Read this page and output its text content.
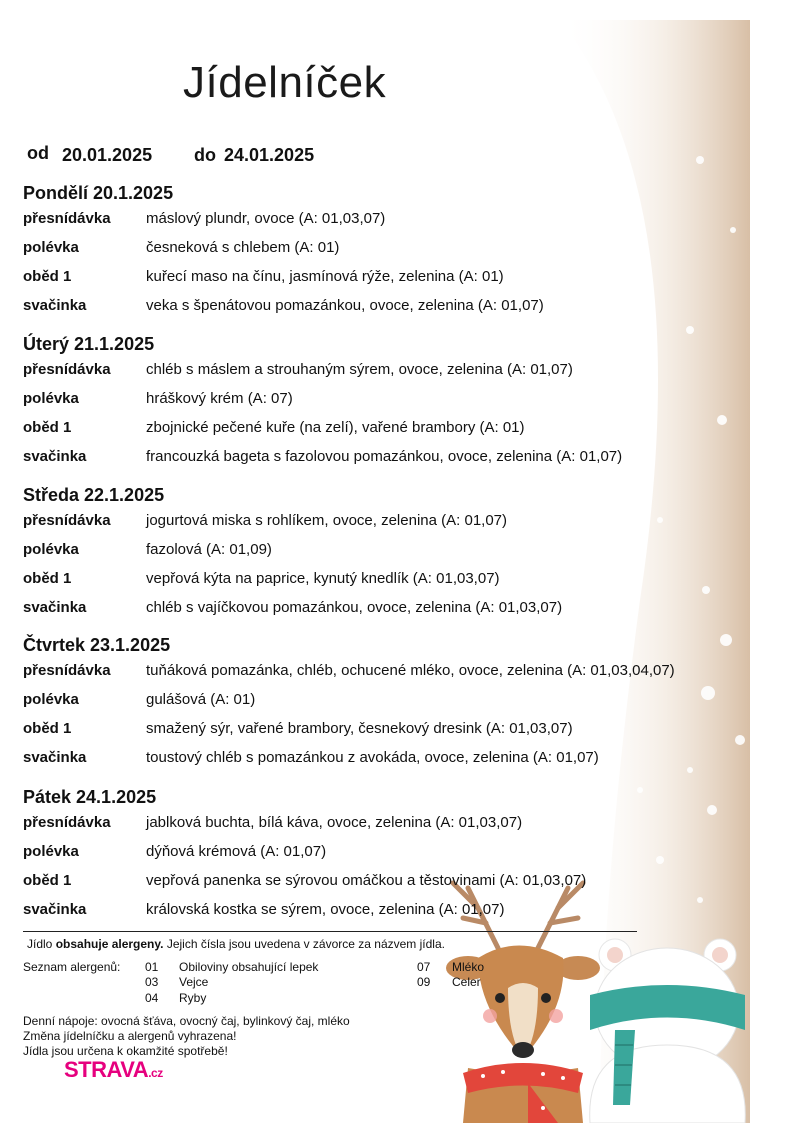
Jídelníček
od 20.01.2025 do 24.01.2025
Pondělí 20.1.2025
přesnídávka máslový plundr, ovoce (A: 01,03,07)
polévka	česneková s chlebem (A: 01)
oběd 1	kuřecí maso na čínu, jasmínová rýže, zelenina (A: 01)
svačinka	veka s špenátovou pomazánkou, ovoce, zelenina (A: 01,07)
Úterý 21.1.2025
přesnídávka chléb s máslem a strouhaným sýrem, ovoce, zelenina (A: 01,07)
polévka	hráškový krém (A: 07)
oběd 1	zbojnické pečené kuře (na zelí), vařené brambory (A: 01)
svačinka	francouzká bageta s fazolovou pomazánkou, ovoce, zelenina (A: 01,07)
Středa 22.1.2025
přesnídávka jogurtová miska s rohlíkem, ovoce, zelenina (A: 01,07)
polévka	fazolová (A: 01,09)
oběd 1	vepřová kýta na paprice, kynutý knedlík (A: 01,03,07)
svačinka	chléb s vajíčkovou pomazánkou, ovoce, zelenina (A: 01,03,07)
Čtvrtek 23.1.2025
přesnídávka tuňáková pomazánka, chléb, ochucené mléko, ovoce, zelenina (A: 01,03,04,07)
polévka	gulášová (A: 01)
oběd 1	smažený sýr, vařené brambory, česnekový dresink (A: 01,03,07)
svačinka	toustový chléb s pomazánkou z avokáda, ovoce, zelenina (A: 01,07)
Pátek 24.1.2025
přesnídávka jablková buchta, bílá káva, ovoce, zelenina (A: 01,03,07)
polévka	dýňová krémová (A: 01,07)
oběd 1	vepřová panenka se sýrovou omáčkou a těstovinami (A: 01,03,07)
svačinka	královská kostka se sýrem, ovoce, zelenina (A: 01,07)
Jídlo obsahuje alergeny. Jejich čísla jsou uvedena v závorce za názvem jídla.
Seznam alergenů: 01 Obiloviny obsahující lepek
03 Vejce
04 Ryby
07 Mléko
09 Celer
Denní nápoje: ovocná šťáva, ovocný čaj, bylinkový čaj, mléko
Změna jídelníčku a alergenů vyhrazena!
Jídla jsou určena k okamžité spotřebě!
STRAVA.cz
